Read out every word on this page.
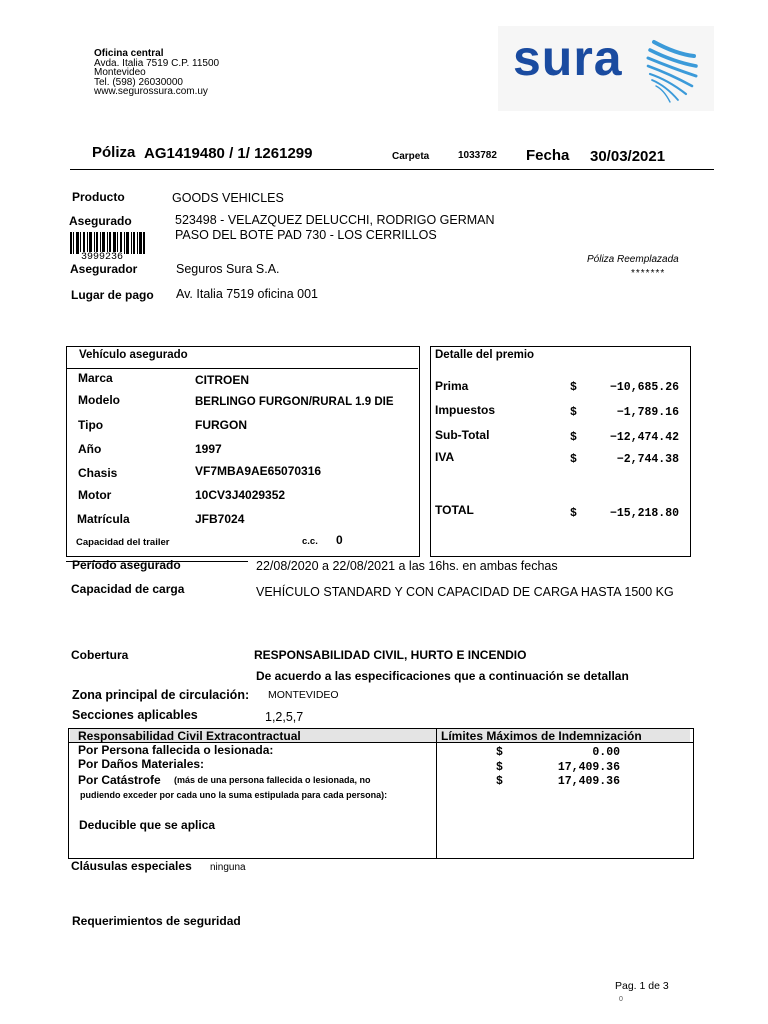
Oficina central
Avda. Italia 7519 C.P. 11500
Montevideo
Tel. (598) 26030000
www.segurossura.com.uy
sura
Póliza AG1419480 / 1/ 1261299	Carpeta	1033782 Fecha 30/03/2021
Producto	GOODS VEHICLES
Asegurado	523498 - VELAZQUEZ DELUCCHI, RODRIGO GERMAN
PASO DEL BOTE PAD 730 - LOS CERRILLOS
3999236
Asegurador	Seguros Sura S.A.
Póliza Reemplazada
*******
Lugar de pago Av. Italia 7519 oficina 001
Vehículo asegurado
Marca	CITROEN
Modelo	BERLINGO FURGON/RURAL 1.9 DIE
Tipo	FURGON
Año	1997
Chasis	VF7MBA9AE65070316
Motor	10CV3J4029352
Matrícula	JFB7024
Capacidad del trailer	c.c. 0
Detalle del premio
Prima	$	−10,685.26
Impuestos	$	−1,789.16
Sub-Total	$	−12,474.42
IVA	$	−2,744.38
TOTAL	$	−15,218.80
Período asegurado	22/08/2020 a 22/08/2021 a las 16hs. en ambas fechas
Capacidad de carga	VEHÍCULO STANDARD Y CON CAPACIDAD DE CARGA HASTA 1500 KG
Cobertura	RESPONSABILIDAD CIVIL, HURTO E INCENDIO
De acuerdo a las especificaciones que a continuación se detallan
Zona principal de circulación: MONTEVIDEO
Secciones aplicables	1,2,5,7
Responsabilidad Civil Extracontractual	Límites Máximos de Indemnización
Por Persona fallecida o lesionada:	$	0.00
Por Daños Materiales:	$	17,409.36
Por Catástrofe (más de una persona fallecida o lesionada, no
pudiendo exceder por cada uno la suma estipulada para cada persona):
$	17,409.36
Deducible que se aplica
Cláusulas especiales ninguna
Requerimientos de seguridad
Pag. 1 de 3
0
